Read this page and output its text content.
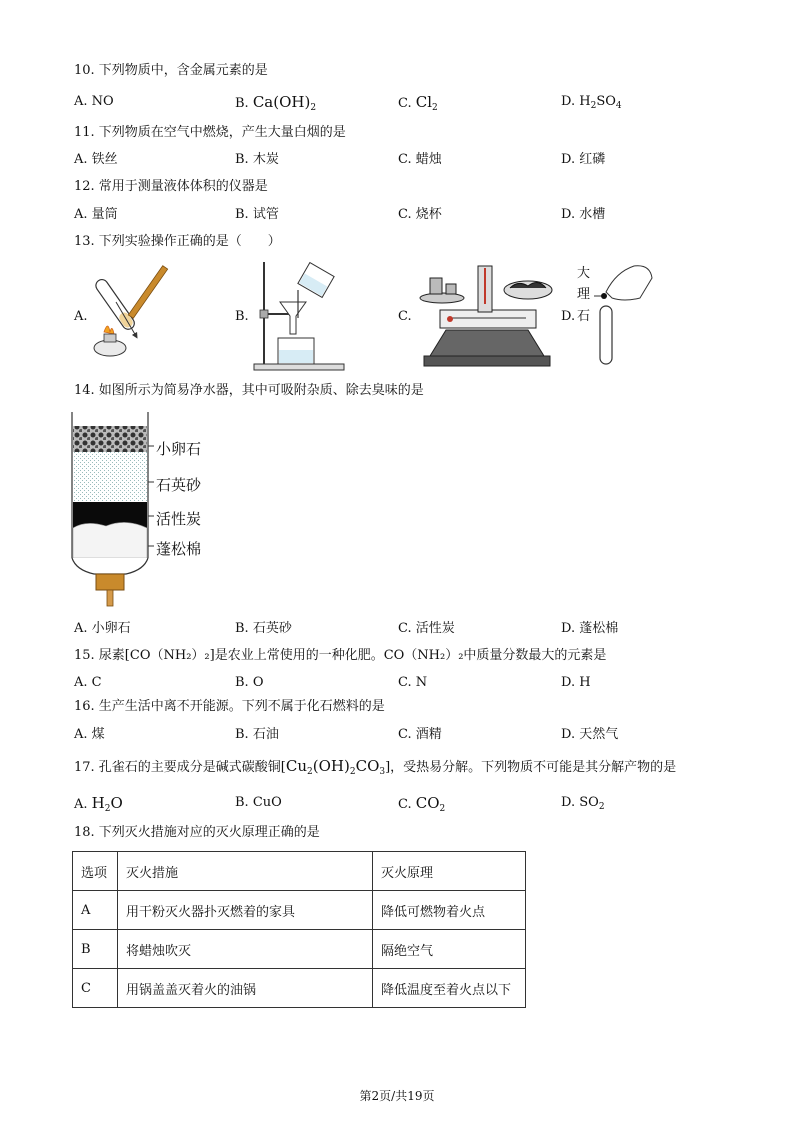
10. 下列物质中，含金属元素的是
A. NO	B. $Ca(OH)_2$	C. $Cl_2$	D. $H_2SO_4$
11. 下列物质在空气中燃烧，产生大量白烟的是
A. 铁丝	B. 木炭	C. 蜡烛	D. 红磷
12. 常用于测量液体体积的仪器是
A. 量筒	B. 试管	C. 烧杯	D. 水槽
13. 下列实验操作正确的是（　　）
A.	B.	C.	D.
大
理
石
14. 如图所示为简易净水器，其中可吸附杂质、除去臭味的是
小卵石
石英砂
活性炭
蓬松棉
A. 小卵石	B. 石英砂	C. 活性炭	D. 蓬松棉
15. 尿素[CO（NH₂）₂]是农业上常使用的一种化肥。CO（NH₂）₂中质量分数最大的元素是
A. C	B. O	C. N	D. H
16. 生产生活中离不开能源。下列不属于化石燃料的是
A. 煤	B. 石油	C. 酒精	D. 天然气
17. 孔雀石的主要成分是碱式碳酸铜$[Cu_2(OH)_2CO_3]$，受热易分解。下列物质不可能是其分解产物的是
A. $H_2O$	B. CuO	C. $CO_2$	D. $SO_2$
18. 下列灭火措施对应的灭火原理正确的是
选项	灭火措施	灭火原理
A	用干粉灭火器扑灭燃着的家具	降低可燃物着火点
B	将蜡烛吹灭	隔绝空气
C	用锅盖盖灭着火的油锅	降低温度至着火点以下
第2页/共19页
